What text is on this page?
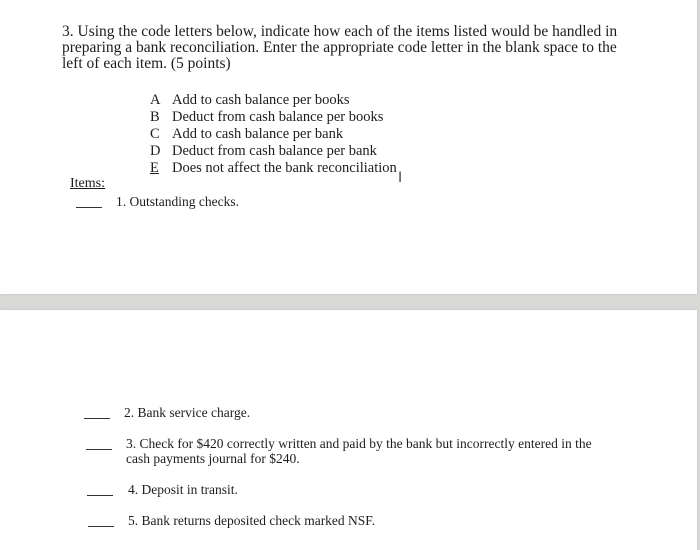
3. Using the code letters below, indicate how each of the items listed would be handled in preparing a bank reconciliation. Enter the appropriate code letter in the blank space to the left of each item. (5 points)
A Add to cash balance per books
B Deduct from cash balance per books
C Add to cash balance per bank
D Deduct from cash balance per bank
E Does not affect the bank reconciliation
I
Items:
1. Outstanding checks.
2. Bank service charge.
3. Check for $420 correctly written and paid by the bank but incorrectly entered in the cash payments journal for $240.
4. Deposit in transit.
5. Bank returns deposited check marked NSF.
